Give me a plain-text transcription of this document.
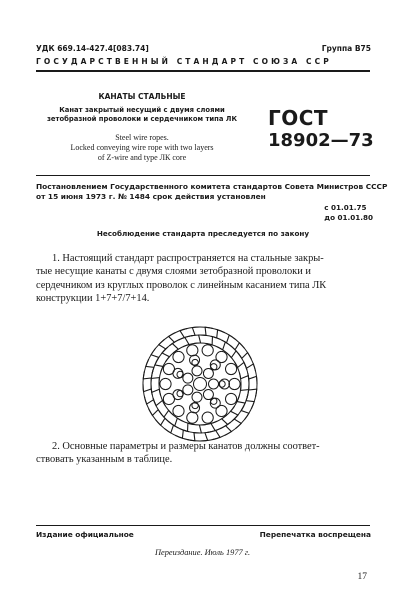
УДК 669.14-427.4[083.74]	Группа В75
ГОСУДАРСТВЕННЫЙ СТАНДАРТ СОЮЗА ССР
КАНАТЫ СТАЛЬНЫЕ
Канат закрытый несущий с двумя слоями
зетобразной проволоки и сердечником типа ЛК
Steel wire ropes.
Locked conveying wire rope with two layers
of Z-wire and type ЛК core
ГОСТ
18902—73
Постановлением Государственного комитета стандартов Совета Министров СССР
от 15 июня 1973 г. № 1484 срок действия установлен
с 01.01.75
до 01.01.80
Несоблюдение стандарта преследуется по закону
1. Настоящий стандарт распространяется на стальные закры-
тые несущие канаты с двумя слоями зетобразной проволоки и
сердечником из круглых проволок с линейным касанием типа ЛК
конструкции 1+7+7/7+14.
2. Основные параметры и размеры канатов должны соответ-
ствовать указанным в таблице.
Издание официальное	Перепечатка воспрещена
Переиздание. Июль 1977 г.
17
